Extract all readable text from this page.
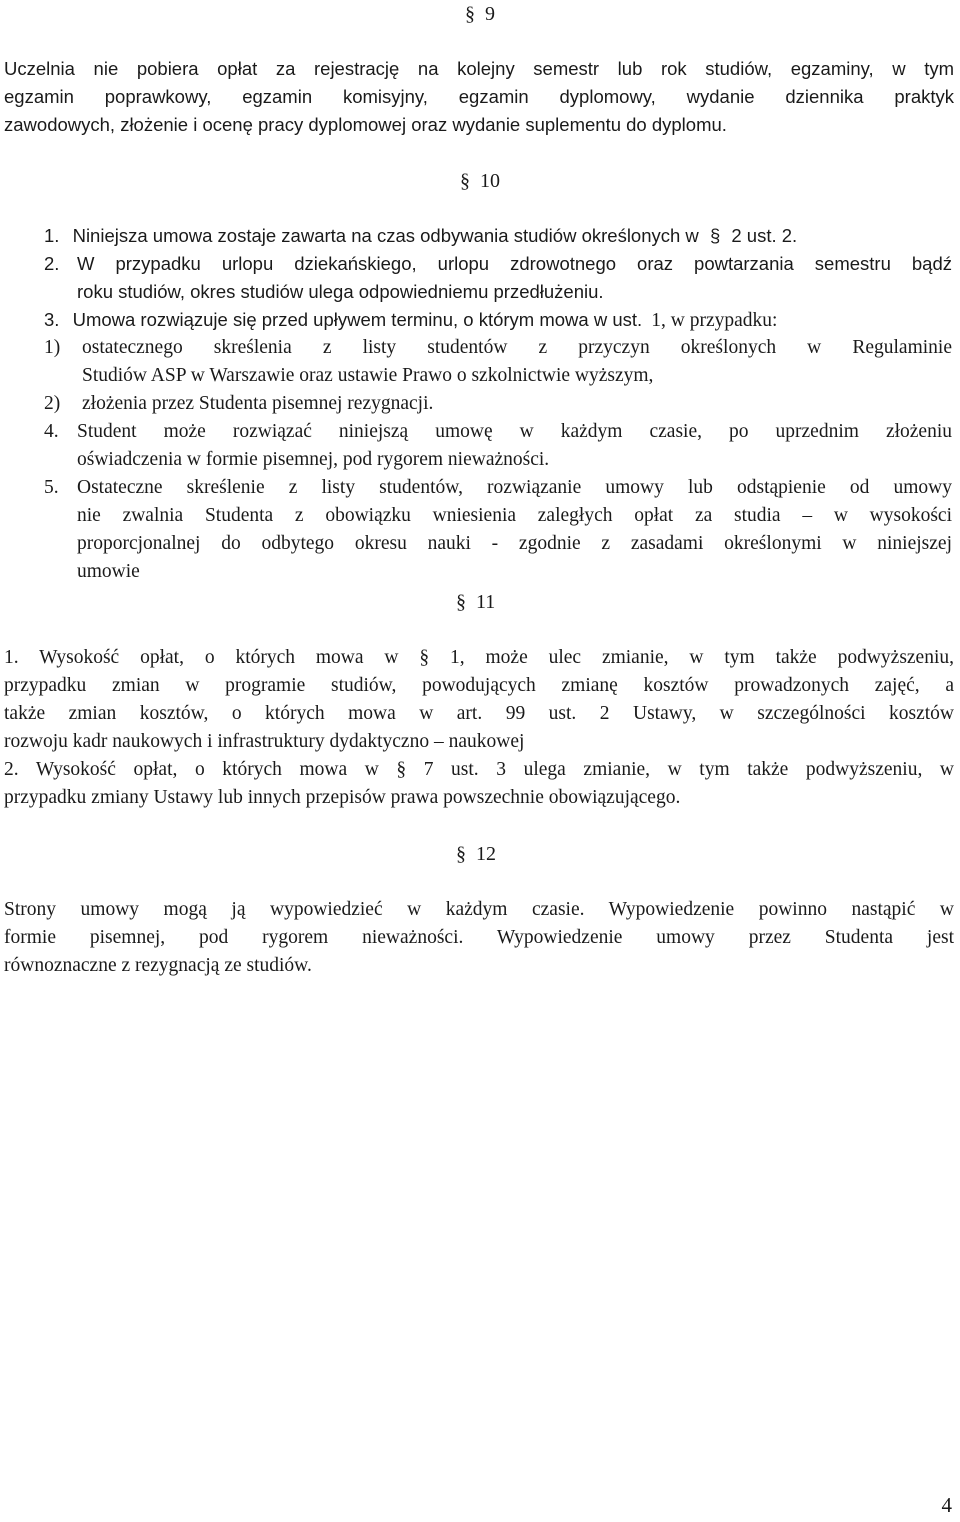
§ 9
Uczelnia nie pobiera opłat za rejestrację na kolejny semestr lub rok studiów, egzaminy, w tym
egzamin poprawkowy, egzamin komisyjny, egzamin dyplomowy, wydanie dziennika praktyk
zawodowych, złożenie i ocenę pracy dyplomowej oraz wydanie suplementu do dyplomu.
§ 10
1. Niniejsza umowa zostaje zawarta na czas odbywania studiów określonych w § 2 ust. 2.
2. W przypadku urlopu dziekańskiego, urlopu zdrowotnego oraz powtarzania semestru bądź
roku studiów, okres studiów ulega odpowiedniemu przedłużeniu.
3. Umowa rozwiązuje się przed upływem terminu, o którym mowa w ust. 1, w przypadku:
1) ostatecznego skreślenia z listy studentów z przyczyn określonych w Regulaminie
Studiów ASP w Warszawie oraz ustawie Prawo o szkolnictwie wyższym,
2) złożenia przez Studenta pisemnej rezygnacji.
4. Student może rozwiązać niniejszą umowę w każdym czasie, po uprzednim złożeniu
oświadczenia w formie pisemnej, pod rygorem nieważności.
5. Ostateczne skreślenie z listy studentów, rozwiązanie umowy lub odstąpienie od umowy
nie zwalnia Studenta z obowiązku wniesienia zaległych opłat za studia – w wysokości
proporcjonalnej do odbytego okresu nauki - zgodnie z zasadami określonymi w niniejszej
umowie
§ 11
1. Wysokość opłat, o których mowa w § 1, może ulec zmianie, w tym także podwyższeniu,
przypadku zmian w programie studiów, powodujących zmianę kosztów prowadzonych zajęć, a
także zmian kosztów, o których mowa w art. 99 ust. 2 Ustawy, w szczególności kosztów
rozwoju kadr naukowych i infrastruktury dydaktyczno – naukowej
2. Wysokość opłat, o których mowa w § 7 ust. 3 ulega zmianie, w tym także podwyższeniu, w
przypadku zmiany Ustawy lub innych przepisów prawa powszechnie obowiązującego.
§ 12
Strony umowy mogą ją wypowiedzieć w każdym czasie. Wypowiedzenie powinno nastąpić w
formie pisemnej, pod rygorem nieważności. Wypowiedzenie umowy przez Studenta jest
równoznaczne z rezygnacją ze studiów.
4
